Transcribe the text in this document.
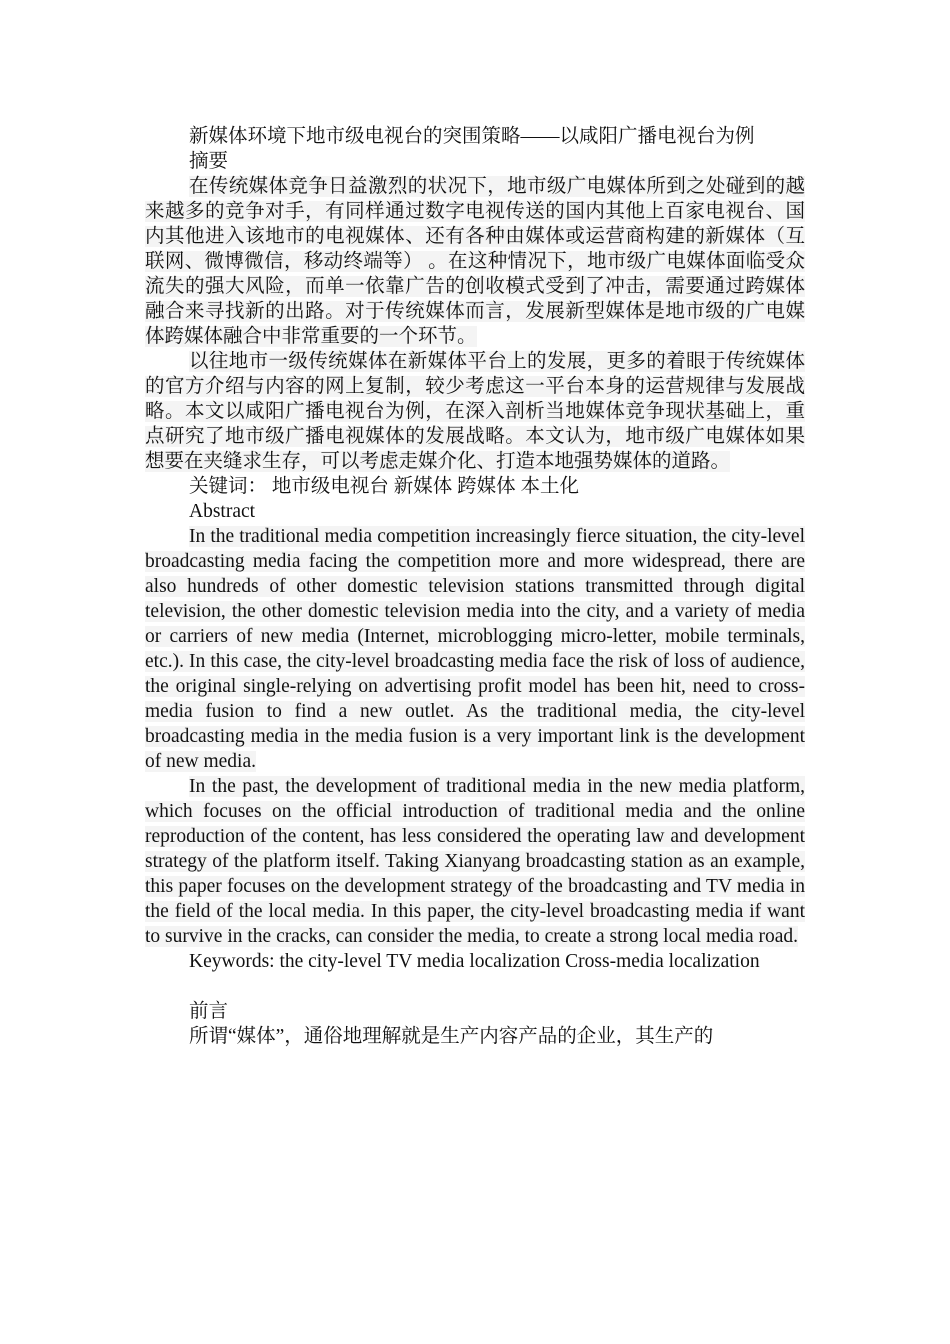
新媒体环境下地市级电视台的突围策略——以咸阳广播电视台为例

摘要

在传统媒体竞争日益激烈的状况下，地市级广电媒体所到之处碰到的越来越多的竞争对手，有同样通过数字电视传送的国内其他上百家电视台、国内其他进入该地市的电视媒体、还有各种由媒体或运营商构建的新媒体（互联网、微博微信，移动终端等） 。在这种情况下，地市级广电媒体面临受众流失的强大风险，而单一依靠广告的创收模式受到了冲击，需要通过跨媒体融合来寻找新的出路。对于传统媒体而言，发展新型媒体是地市级的广电媒体跨媒体融合中非常重要的一个环节。

以往地市一级传统媒体在新媒体平台上的发展，更多的着眼于传统媒体的官方介绍与内容的网上复制，较少考虑这一平台本身的运营规律与发展战略。本文以咸阳广播电视台为例，在深入剖析当地媒体竞争现状基础上，重点研究了地市级广播电视媒体的发展战略。本文认为，地市级广电媒体如果想要在夹缝求生存，可以考虑走媒介化、打造本地强势媒体的道路。

关键词： 地市级电视台 新媒体 跨媒体 本土化

Abstract

In the traditional media competition increasingly fierce situation, the city-level broadcasting media facing the competition more and more widespread, there are also hundreds of other domestic television stations transmitted through digital television, the other domestic television media into the city, and a variety of media or carriers of new media (Internet, microblogging micro-letter, mobile terminals, etc.). In this case, the city-level broadcasting media face the risk of loss of audience, the original single-relying on advertising profit model has been hit, need to cross-media fusion to find a new outlet. As the traditional media, the city-level broadcasting media in the media fusion is a very important link is the development of new media.

In the past, the development of traditional media in the new media platform, which focuses on the official introduction of traditional media and the online reproduction of the content, has less considered the operating law and development strategy of the platform itself. Taking Xianyang broadcasting station as an example, this paper focuses on the development strategy of the broadcasting and TV media in the field of the local media. In this paper, the city-level broadcasting media if want to survive in the cracks, can consider the media, to create a strong local media road.

Keywords: the city-level TV media localization Cross-media localization

前言

所谓“媒体”，通俗地理解就是生产内容产品的企业，其生产的
